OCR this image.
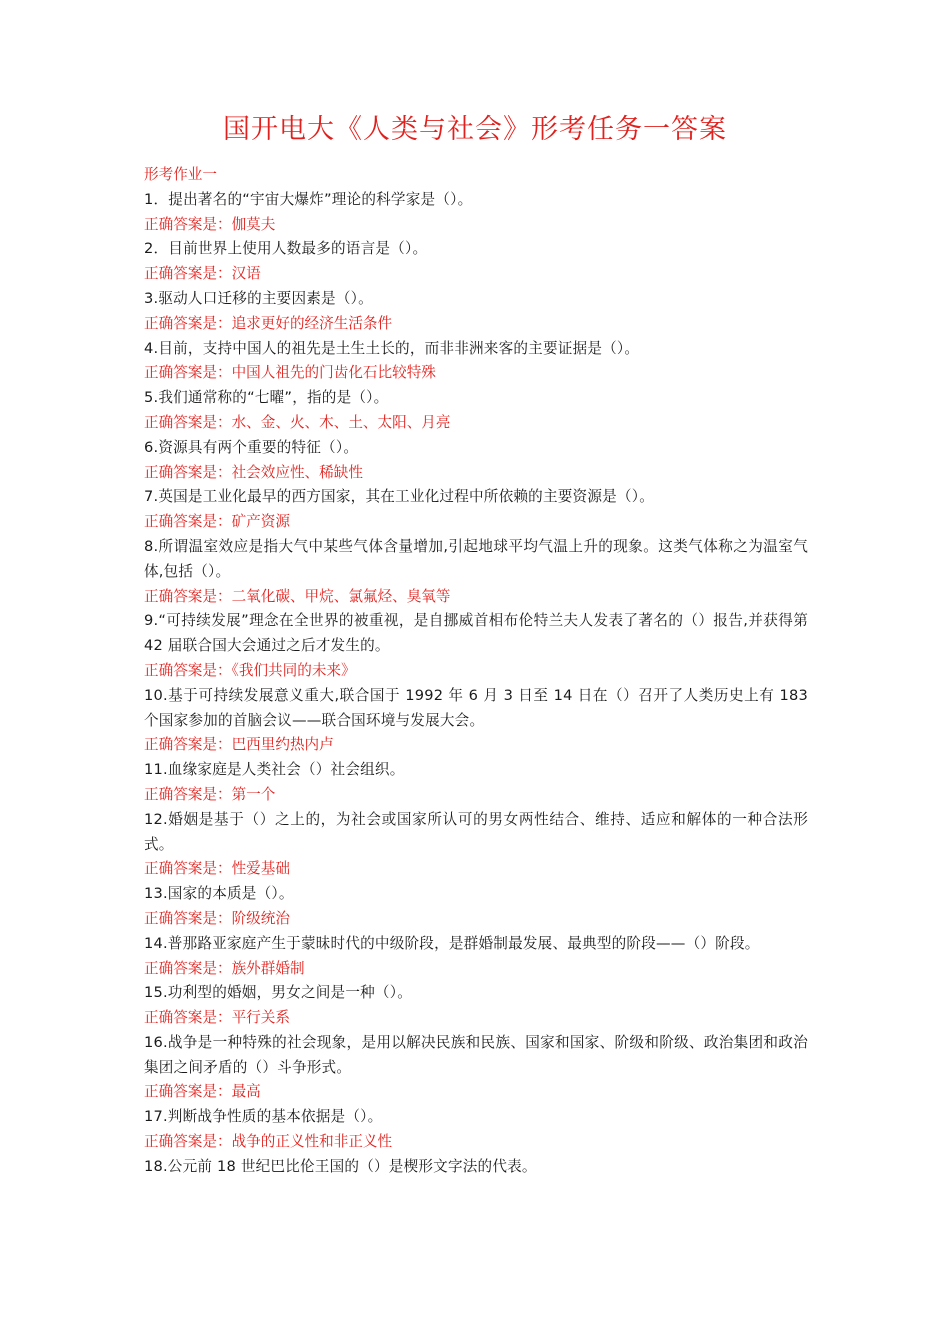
国开电大《人类与社会》形考任务一答案

形考作业一

1．提出著名的“宇宙大爆炸”理论的科学家是（）。

正确答案是：伽莫夫

2．目前世界上使用人数最多的语言是（）。

正确答案是：汉语

3.驱动人口迁移的主要因素是（）。

正确答案是：追求更好的经济生活条件

4.目前，支持中国人的祖先是土生土长的，而非非洲来客的主要证据是（）。

正确答案是：中国人祖先的门齿化石比较特殊

5.我们通常称的“七曜”，指的是（）。

正确答案是：水、金、火、木、土、太阳、月亮

6.资源具有两个重要的特征（）。

正确答案是：社会效应性、稀缺性

7.英国是工业化最早的西方国家，其在工业化过程中所依赖的主要资源是（）。

正确答案是：矿产资源

8.所谓温室效应是指大气中某些气体含量增加,引起地球平均气温上升的现象。这类气体称之为温室气体,包括（）。

正确答案是：二氧化碳、甲烷、氯氟烃、臭氧等

9.“可持续发展”理念在全世界的被重视，是自挪威首相布伦特兰夫人发表了著名的（）报告,并获得第 42 届联合国大会通过之后才发生的。

正确答案是：《我们共同的未来》

10.基于可持续发展意义重大,联合国于 1992 年 6 月 3 日至 14 日在（）召开了人类历史上有 183 个国家参加的首脑会议——联合国环境与发展大会。

正确答案是：巴西里约热内卢

11.血缘家庭是人类社会（）社会组织。

正确答案是：第一个

12.婚姻是基于（）之上的，为社会或国家所认可的男女两性结合、维持、适应和解体的一种合法形式。

正确答案是：性爱基础

13.国家的本质是（）。

正确答案是：阶级统治

14.普那路亚家庭产生于蒙昧时代的中级阶段，是群婚制最发展、最典型的阶段——（）阶段。

正确答案是：族外群婚制

15.功利型的婚姻，男女之间是一种（）。

正确答案是：平行关系

16.战争是一种特殊的社会现象，是用以解决民族和民族、国家和国家、阶级和阶级、政治集团和政治集团之间矛盾的（）斗争形式。

正确答案是：最高

17.判断战争性质的基本依据是（）。

正确答案是：战争的正义性和非正义性

18.公元前 18 世纪巴比伦王国的（）是楔形文字法的代表。
